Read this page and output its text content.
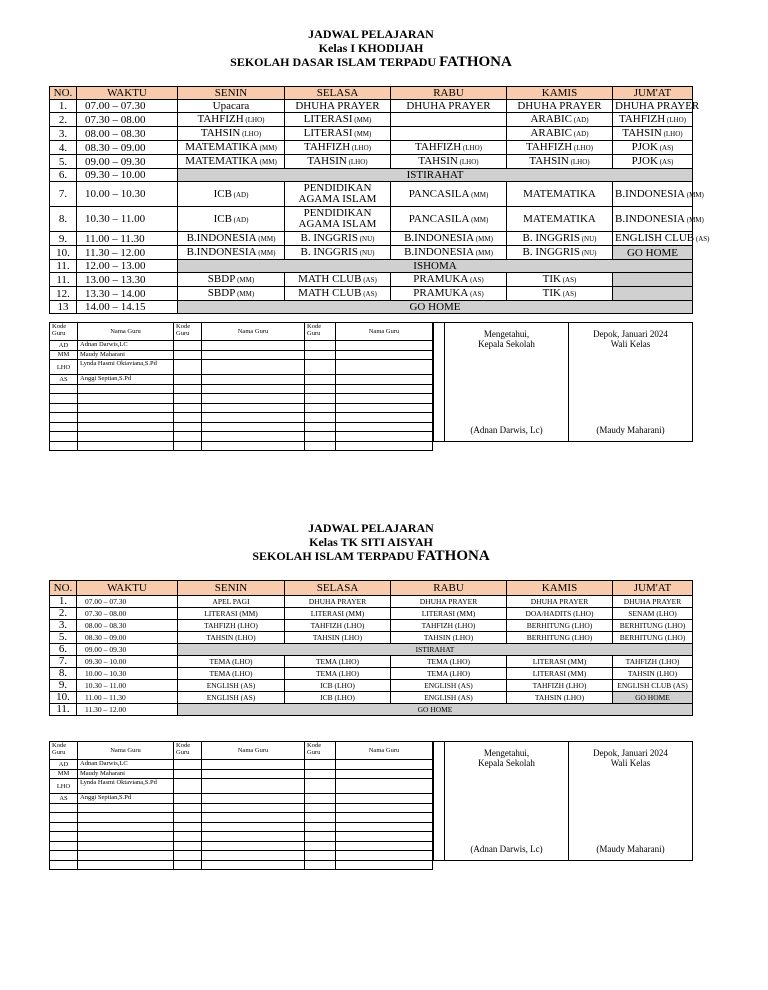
JADWAL PELAJARAN
Kelas I KHODIJAH
SEKOLAH DASAR ISLAM TERPADU FATHONA
NO.	WAKTU	SENIN	SELASA	RABU	KAMIS	JUM'AT
1.	07.00 – 07.30	Upacara	DHUHA PRAYER	DHUHA PRAYER	DHUHA PRAYER	DHUHA PRAYER
2.	07.30 – 08.00	TAHFIZH (LHO)	LITERASI (MM)		ARABIC (AD)	TAHFIZH (LHO)
3.	08.00 – 08.30	TAHSIN (LHO)	LITERASI (MM)		ARABIC (AD)	TAHSIN (LHO)
4.	08.30 – 09.00	MATEMATIKA (MM)	TAHFIZH (LHO)	TAHFIZH (LHO)	TAHFIZH (LHO)	PJOK (AS)
5.	09.00 – 09.30	MATEMATIKA (MM)	TAHSIN (LHO)	TAHSIN (LHO)	TAHSIN (LHO)	PJOK (AS)
6.	09.30 – 10.00	ISTIRAHAT				
7.	10.00 – 10.30	ICB (AD)	PENDIDIKAN AGAMA ISLAM	PANCASILA (MM)	MATEMATIKA	B.INDONESIA (MM)
8.	10.30 – 11.00	ICB (AD)	PENDIDIKAN AGAMA ISLAM	PANCASILA (MM)	MATEMATIKA	B.INDONESIA (MM)
9.	11.00 – 11.30	B.INDONESIA (MM)	B. INGGRIS (NU)	B.INDONESIA (MM)	B. INGGRIS (NU)	ENGLISH CLUB (AS)
10.	11.30 – 12.00	B.INDONESIA (MM)	B. INGGRIS (NU)	B.INDONESIA (MM)	B. INGGRIS (NU)	GO HOME
11.	12.00 – 13.00	ISHOMA				
11.	13.00 – 13.30	SBDP (MM)	MATH CLUB (AS)	PRAMUKA (AS)	TIK (AS)	
12.	13.30 – 14.00	SBDP (MM)	MATH CLUB (AS)	PRAMUKA (AS)	TIK (AS)	
13	14.00 – 14.15	GO HOME				
Kode Guru	Nama Guru	Kode Guru	Nama Guru	Kode Guru	Nama Guru
AD	Adnan Darwis,LC				
MM	Maudy Maharani				
LHO	Lynda Hasmi Oktaviana,S.Pd				
AS	Anggi Septian,S.Pd				

Mengetahui,
Kepala Sekolah
(Adnan Darwis, Lc)
Depok, Januari 2024
Wali Kelas
(Maudy Maharani)
JADWAL PELAJARAN
Kelas TK SITI AISYAH
SEKOLAH ISLAM TERPADU FATHONA
NO.	WAKTU	SENIN	SELASA	RABU	KAMIS	JUM'AT
1.	07.00 – 07.30	APEL PAGI	DHUHA PRAYER	DHUHA PRAYER	DHUHA PRAYER	DHUHA PRAYER
2.	07.30 – 08.00	LITERASI (MM)	LITERASI (MM)	LITERASI (MM)	DOA/HADITS (LHO)	SENAM (LHO)
3.	08.00 – 08.30	TAHFIZH (LHO)	TAHFIZH (LHO)	TAHFIZH (LHO)	BERHITUNG (LHO)	BERHITUNG (LHO)
5.	08.30 – 09.00	TAHSIN (LHO)	TAHSIN (LHO)	TAHSIN (LHO)	BERHITUNG (LHO)	BERHITUNG (LHO)
6.	09.00 – 09.30	ISTIRAHAT				
7.	09.30 – 10.00	TEMA (LHO)	TEMA (LHO)	TEMA (LHO)	LITERASI (MM)	TAHFIZH (LHO)
8.	10.00 – 10.30	TEMA (LHO)	TEMA (LHO)	TEMA (LHO)	LITERASI (MM)	TAHSIN (LHO)
9.	10.30 – 11.00	ENGLISH (AS)	ICB (LHO)	ENGLISH (AS)	TAHFIZH (LHO)	ENGLISH CLUB (AS)
10.	11.00 – 11.30	ENGLISH (AS)	ICB (LHO)	ENGLISH (AS)	TAHSIN (LHO)	GO HOME
11.	11.30 – 12.00	GO HOME				
Kode Guru	Nama Guru	Kode Guru	Nama Guru	Kode Guru	Nama Guru
AD	Adnan Darwis,LC				
MM	Maudy Maharani				
LHO	Lynda Hasmi Oktaviana,S.Pd				
AS	Anggi Septian,S.Pd				

Mengetahui,
Kepala Sekolah
(Adnan Darwis, Lc)
Depok, Januari 2024
Wali Kelas
(Maudy Maharani)
